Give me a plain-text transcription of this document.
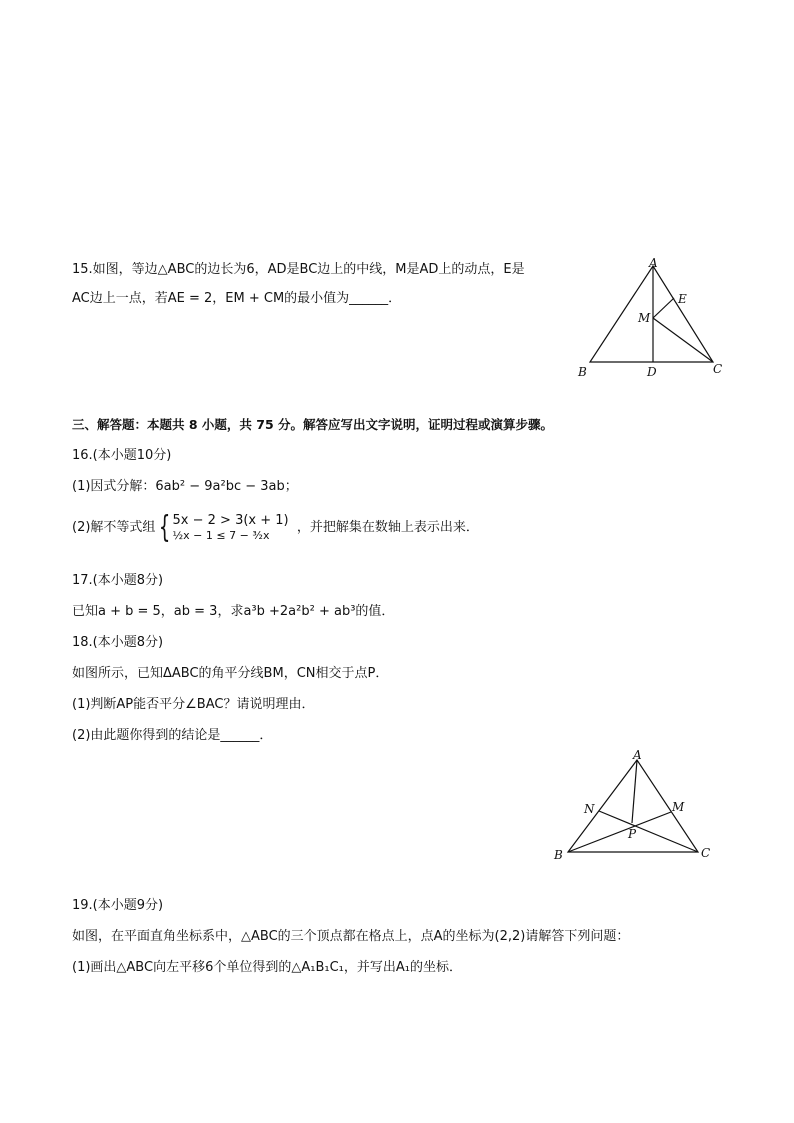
15.如图，等边△ABC的边长为6，AD是BC边上的中线，M是AD上的动点，E是
AC边上一点，若AE = 2，EM + CM的最小值为______．
A
E
M
B	D	C
三、解答题：本题共 8 小题，共 75 分。解答应写出文字说明，证明过程或演算步骤。
16.(本小题10分)
(1)因式分解：6ab² − 9a²bc − 3ab；
(2)解不等式组 { 5x − 2 > 3(x + 1)
½x − 1 ≤ 7 − ³⁄₂x ，并把解集在数轴上表示出来．
17.(本小题8分)
已知a + b = 5，ab = 3，求a³b +2a²b² + ab³的值．
18.(本小题8分)
如图所示，已知ΔABC的角平分线BM，CN相交于点P．
(1)判断AP能否平分∠BAC？请说明理由．
(2)由此题你得到的结论是______．
A
N	M
P
B	C
19.(本小题9分)
如图，在平面直角坐标系中，△ABC的三个顶点都在格点上，点A的坐标为(2,2)请解答下列问题：
(1)画出△ABC向左平移6个单位得到的△A₁B₁C₁，并写出A₁的坐标．
